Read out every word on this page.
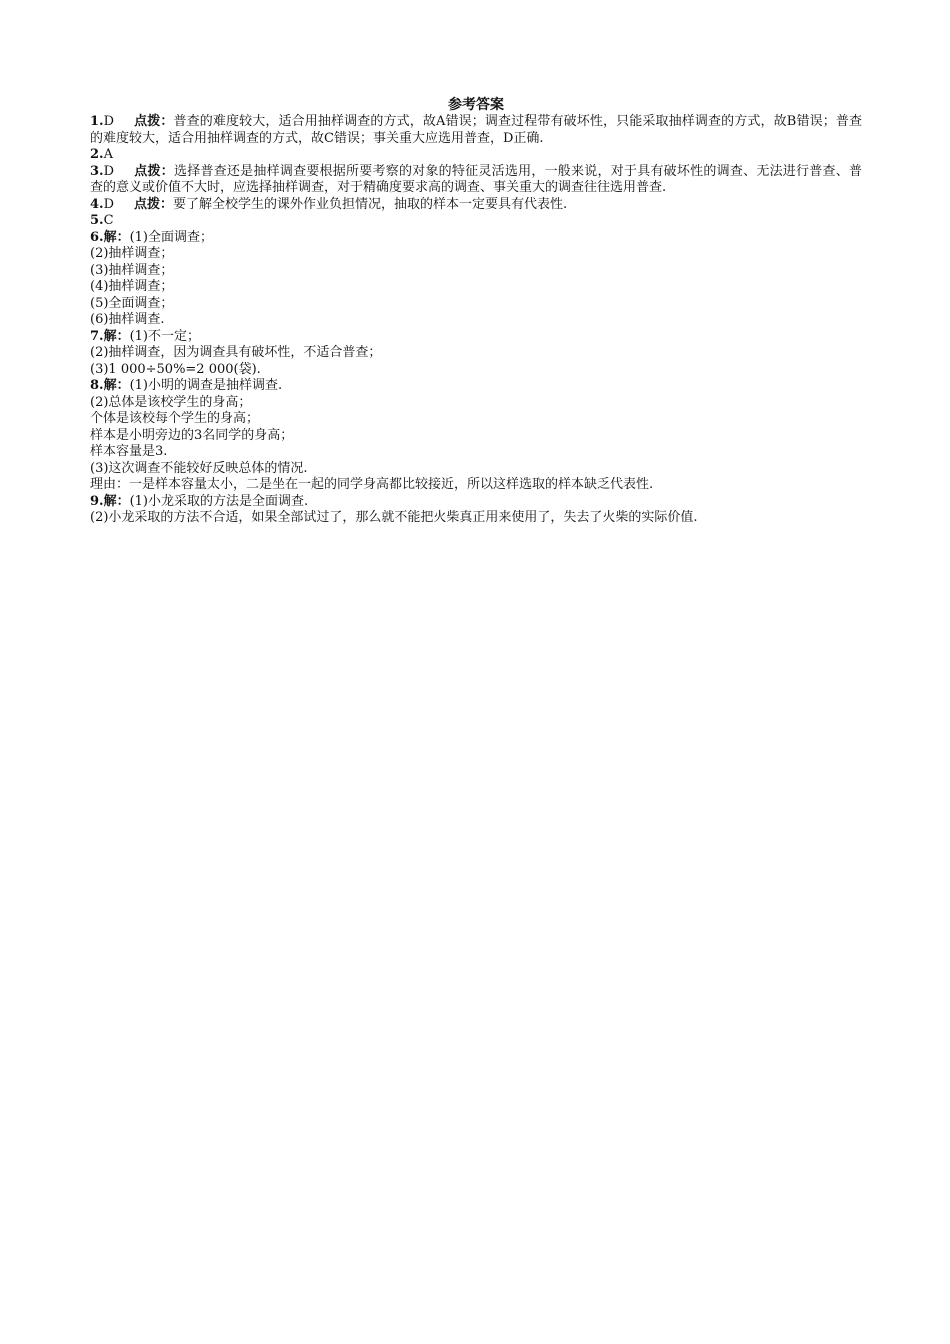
参考答案
1.D 点拨：普查的难度较大，适合用抽样调查的方式，故A错误；调查过程带有破坏性，只能采取抽样调查的方式，故B错误；普查的难度较大，适合用抽样调查的方式，故C错误；事关重大应选用普查，D正确.
2.A
3.D 点拨：选择普查还是抽样调查要根据所要考察的对象的特征灵活选用，一般来说，对于具有破坏性的调查、无法进行普查、普查的意义或价值不大时，应选择抽样调查，对于精确度要求高的调查、事关重大的调查往往选用普查.
4.D 点拨：要了解全校学生的课外作业负担情况，抽取的样本一定要具有代表性.
5.C
6.解：(1)全面调查；
(2)抽样调查；
(3)抽样调查；
(4)抽样调查；
(5)全面调查；
(6)抽样调查.
7.解：(1)不一定；
(2)抽样调查，因为调查具有破坏性，不适合普查；
(3)1 000÷50%=2 000(袋).
8.解：(1)小明的调查是抽样调查.
(2)总体是该校学生的身高；
个体是该校每个学生的身高；
样本是小明旁边的3名同学的身高；
样本容量是3.
(3)这次调查不能较好反映总体的情况.
理由：一是样本容量太小，二是坐在一起的同学身高都比较接近，所以这样选取的样本缺乏代表性.
9.解：(1)小龙采取的方法是全面调查.
(2)小龙采取的方法不合适，如果全部试过了，那么就不能把火柴真正用来使用了，失去了火柴的实际价值.
